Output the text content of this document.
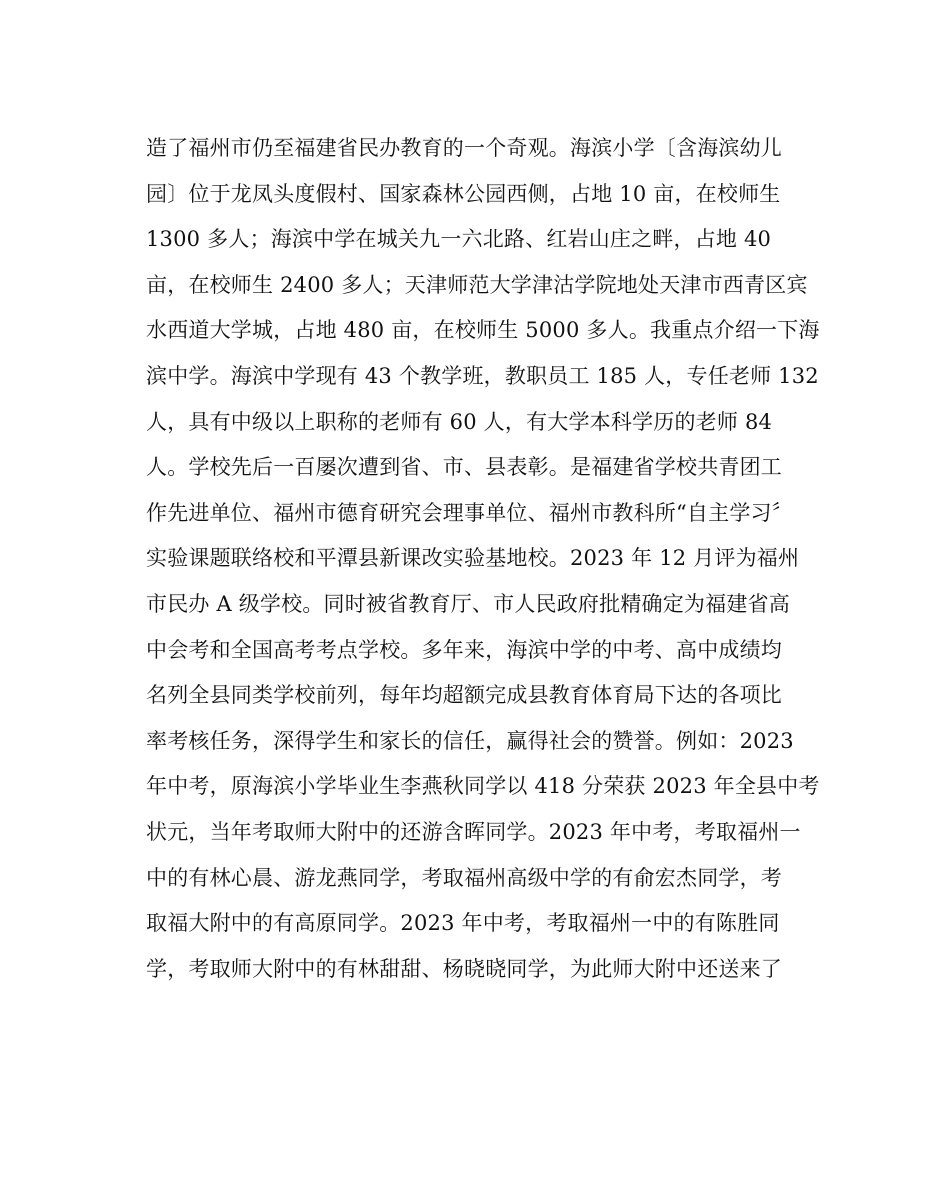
造了福州市仍至福建省民办教育的一个奇观。海滨小学〔含海滨幼儿
园〕位于龙凤头度假村、国家森林公园西侧，占地 10 亩，在校师生
1300 多人；海滨中学在城关九一六北路、红岩山庄之畔，占地 40
亩，在校师生 2400 多人；天津师范大学津沽学院地处天津市西青区宾
水西道大学城，占地 480 亩，在校师生 5000 多人。我重点介绍一下海
滨中学。海滨中学现有 43 个教学班，教职员工 185 人，专任老师 132
人，具有中级以上职称的老师有 60 人，有大学本科学历的老师 84
人。学校先后一百屡次遭到省、市、县表彰。是福建省学校共青团工
作先进单位、福州市德育研究会理事单位、福州市教科所“自主学习〞
实验课题联络校和平潭县新课改实验基地校。2023 年 12 月评为福州
市民办 A 级学校。同时被省教育厅、市人民政府批精确定为福建省高
中会考和全国高考考点学校。多年来，海滨中学的中考、高中成绩均
名列全县同类学校前列，每年均超额完成县教育体育局下达的各项比
率考核任务，深得学生和家长的信任，赢得社会的赞誉。例如：2023
年中考，原海滨小学毕业生李燕秋同学以 418 分荣获 2023 年全县中考
状元，当年考取师大附中的还游含晖同学。2023 年中考，考取福州一
中的有林心晨、游龙燕同学，考取福州高级中学的有俞宏杰同学，考
取福大附中的有高原同学。2023 年中考，考取福州一中的有陈胜同
学，考取师大附中的有林甜甜、杨晓晓同学，为此师大附中还送来了
